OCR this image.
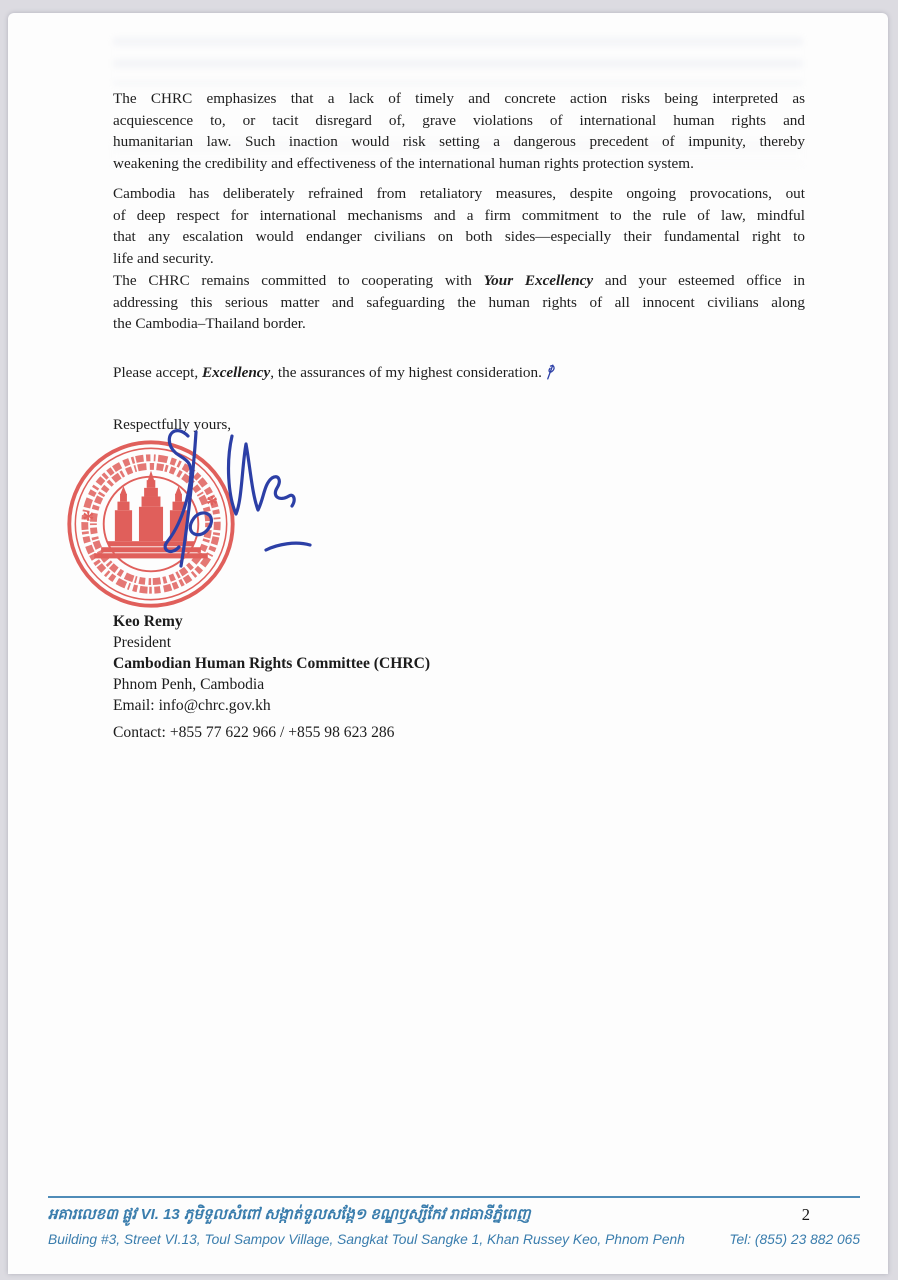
The CHRC emphasizes that a lack of timely and concrete action risks being interpreted as
acquiescence to, or tacit disregard of, grave violations of international human rights and
humanitarian law. Such inaction would risk setting a dangerous precedent of impunity, thereby
weakening the credibility and effectiveness of the international human rights protection system.

Cambodia has deliberately refrained from retaliatory measures, despite ongoing provocations, out
of deep respect for international mechanisms and a firm commitment to the rule of law, mindful
that any escalation would endanger civilians on both sides—especially their fundamental right to
life and security.

The CHRC remains committed to cooperating with Your Excellency and your esteemed office in
addressing this serious matter and safeguarding the human rights of all innocent civilians along
the Cambodia–Thailand border.

Please accept, Excellency, the assurances of my highest consideration.

Respectfully yours,

*
*
Keo Remy
President
Cambodian Human Rights Committee (CHRC)
Phnom Penh, Cambodia
Email: info@chrc.gov.kh
Contact: +855 77 622 966 / +855 98 623 286
អគារលេខ៣ ផ្លូវ VI. 13 ភូមិទួលសំពៅ សង្កាត់ទួលសង្កែ១ ខណ្ឌឫស្សីកែវ រាជធានីភ្នំពេញ	2
Building #3, Street VI.13, Toul Sampov Village, Sangkat Toul Sangke 1, Khan Russey Keo, Phnom Penh	Tel: (855) 23 882 065
